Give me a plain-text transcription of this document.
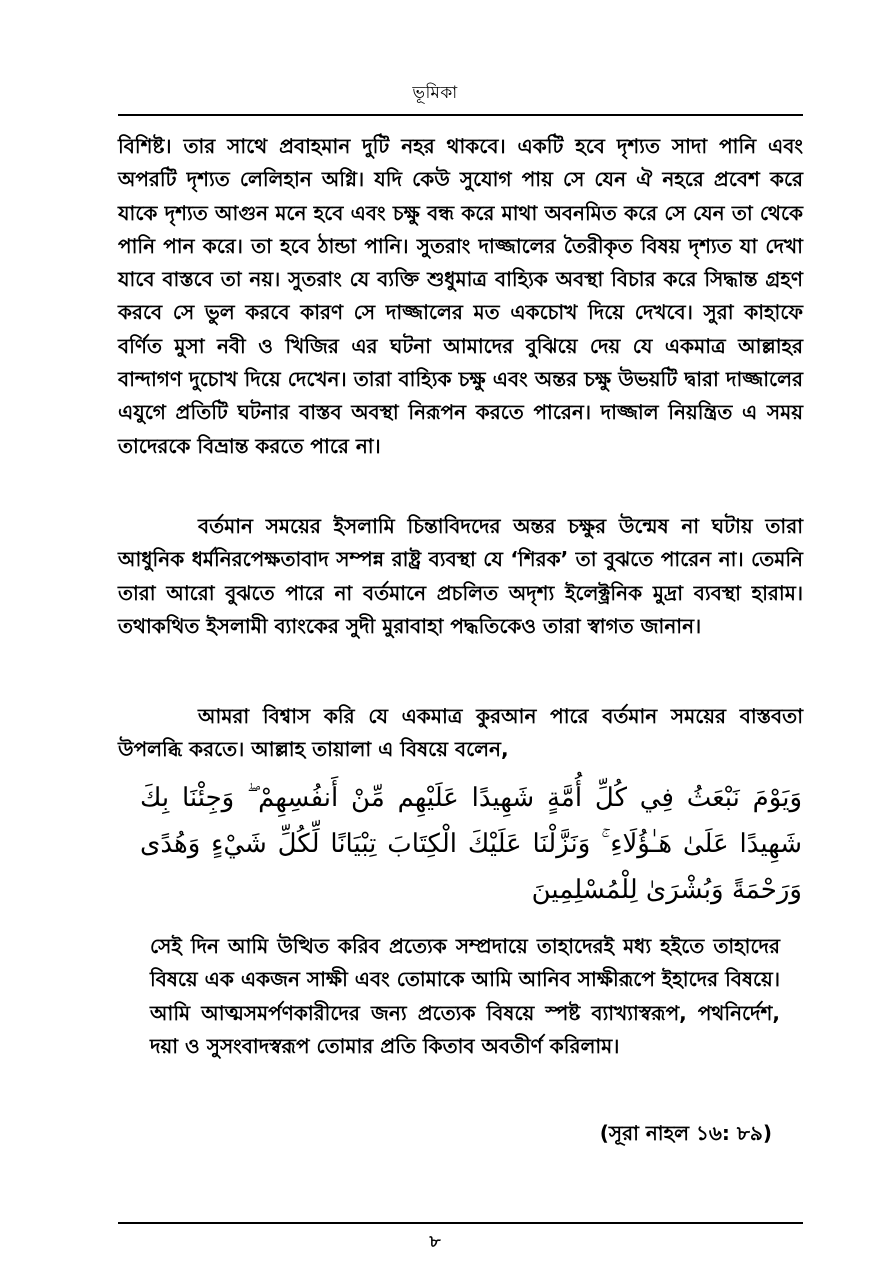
ভূমিকা

বিশিষ্ট। তার সাথে প্রবাহমান দুটি নহর থাকবে। একটি হবে দৃশ্যত সাদা পানি এবং অপরটি দৃশ্যত লেলিহান অগ্নি। যদি কেউ সুযোগ পায় সে যেন ঐ নহরে প্রবেশ করে যাকে দৃশ্যত আগুন মনে হবে এবং চক্ষু বন্ধ করে মাথা অবনমিত করে সে যেন তা থেকে পানি পান করে। তা হবে ঠান্ডা পানি। সুতরাং দাজ্জালের তৈরীকৃত বিষয় দৃশ্যত যা দেখা যাবে বাস্তবে তা নয়। সুতরাং যে ব্যক্তি শুধুমাত্র বাহ্যিক অবস্থা বিচার করে সিদ্ধান্ত গ্রহণ করবে সে ভুল করবে কারণ সে দাজ্জালের মত একচোখ দিয়ে দেখবে। সুরা কাহাফে বর্ণিত মুসা নবী ও খিজির এর ঘটনা আমাদের বুঝিয়ে দেয় যে একমাত্র আল্লাহর বান্দাগণ দুচোখ দিয়ে দেখেন। তারা বাহ্যিক চক্ষু এবং অন্তর চক্ষু উভয়টি দ্বারা দাজ্জালের এযুগে প্রতিটি ঘটনার বাস্তব অবস্থা নিরূপন করতে পারেন। দাজ্জাল নিয়ন্ত্রিত এ সময় তাদেরকে বিভ্রান্ত করতে পারে না।

বর্তমান সময়ের ইসলামি চিন্তাবিদদের অন্তর চক্ষুর উন্মেষ না ঘটায় তারা আধুনিক ধর্মনিরপেক্ষতাবাদ সম্পন্ন রাষ্ট্র ব্যবস্থা যে ‘শিরক’ তা বুঝতে পারেন না। তেমনি তারা আরো বুঝতে পারে না বর্তমানে প্রচলিত অদৃশ্য ইলেক্ট্রনিক মুদ্রা ব্যবস্থা হারাম। তথাকথিত ইসলামী ব্যাংকের সুদী মুরাবাহা পদ্ধতিকেও তারা স্বাগত জানান।

আমরা বিশ্বাস করি যে একমাত্র কুরআন পারে বর্তমান সময়ের বাস্তবতা উপলব্ধি করতে। আল্লাহ তায়ালা এ বিষয়ে বলেন,

وَيَوْمَ نَبْعَثُ فِي كُلِّ أُمَّةٍ شَهِيدًا عَلَيْهِم مِّنْ أَنفُسِهِمْ ۖ وَجِئْنَا بِكَ شَهِيدًا عَلَىٰ هَـٰؤُلَاءِ ۚ وَنَزَّلْنَا عَلَيْكَ الْكِتَابَ تِبْيَانًا لِّكُلِّ شَيْءٍ وَهُدًى وَرَحْمَةً وَبُشْرَىٰ لِلْمُسْلِمِينَ

সেই দিন আমি উত্থিত করিব প্রত্যেক সম্প্রদায়ে তাহাদেরই মধ্য হইতে তাহাদের বিষয়ে এক একজন সাক্ষী এবং তোমাকে আমি আনিব সাক্ষীরূপে ইহাদের বিষয়ে। আমি আত্মসমর্পণকারীদের জন্য প্রত্যেক বিষয়ে স্পষ্ট ব্যাখ্যাস্বরূপ, পথনির্দেশ, দয়া ও সুসংবাদস্বরূপ তোমার প্রতি কিতাব অবতীর্ণ করিলাম।

(সূরা নাহল ১৬: ৮৯)
৮
